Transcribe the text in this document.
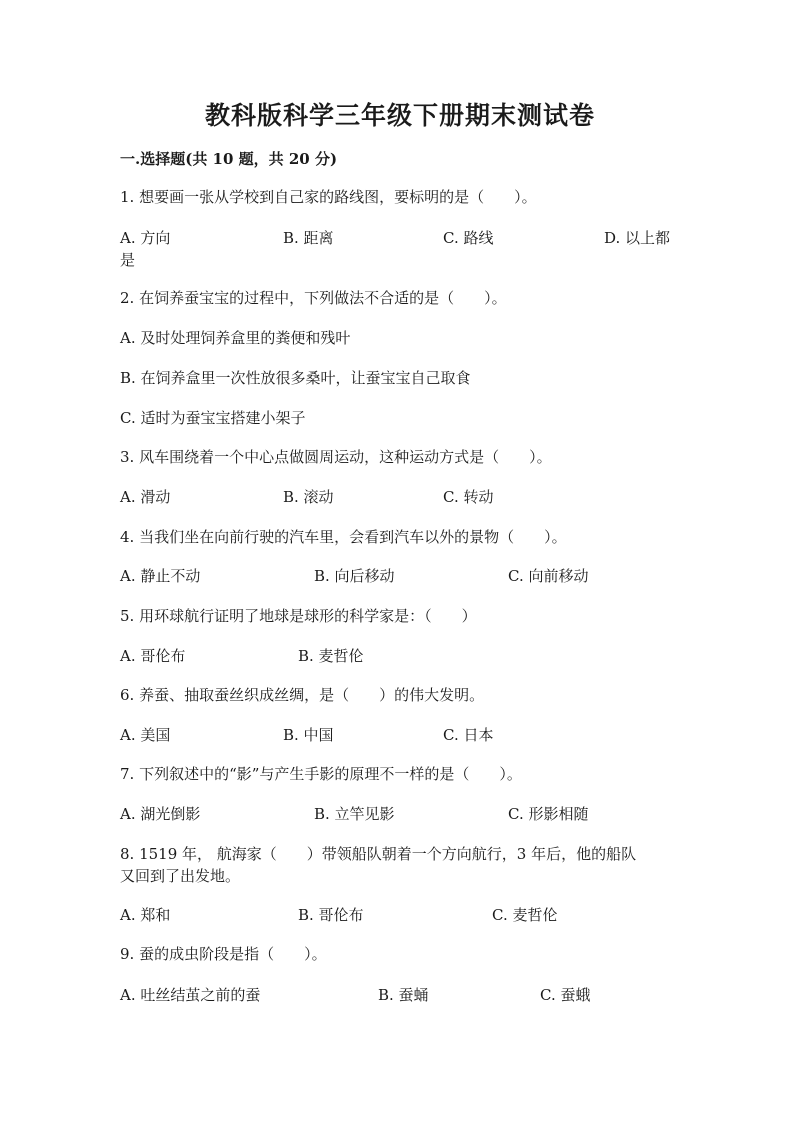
教科版科学三年级下册期末测试卷
一.选择题(共 10 题，共 20 分)
1. 想要画一张从学校到自己家的路线图，要标明的是（　　）。
A. 方向	B. 距离	C. 路线	D. 以上都
是
2. 在饲养蚕宝宝的过程中，下列做法不合适的是（　　）。
A. 及时处理饲养盒里的粪便和残叶
B. 在饲养盒里一次性放很多桑叶，让蚕宝宝自己取食
C. 适时为蚕宝宝搭建小架子
3. 风车围绕着一个中心点做圆周运动，这种运动方式是（　　）。
A. 滑动	B. 滚动	C. 转动
4. 当我们坐在向前行驶的汽车里，会看到汽车以外的景物（　　）。
A. 静止不动	B. 向后移动	C. 向前移动
5. 用环球航行证明了地球是球形的科学家是：（　　）
A. 哥伦布	B. 麦哲伦
6. 养蚕、抽取蚕丝织成丝绸，是（　　）的伟大发明。
A. 美国	B. 中国	C. 日本
7. 下列叙述中的“影”与产生手影的原理不一样的是（　　）。
A. 湖光倒影	B. 立竿见影	C. 形影相随
8. 1519 年， 航海家（　　）带领船队朝着一个方向航行，3 年后，他的船队
又回到了出发地。
A. 郑和	B. 哥伦布	C. 麦哲伦
9. 蚕的成虫阶段是指（　　）。
A. 吐丝结茧之前的蚕	B. 蚕蛹	C. 蚕蛾
